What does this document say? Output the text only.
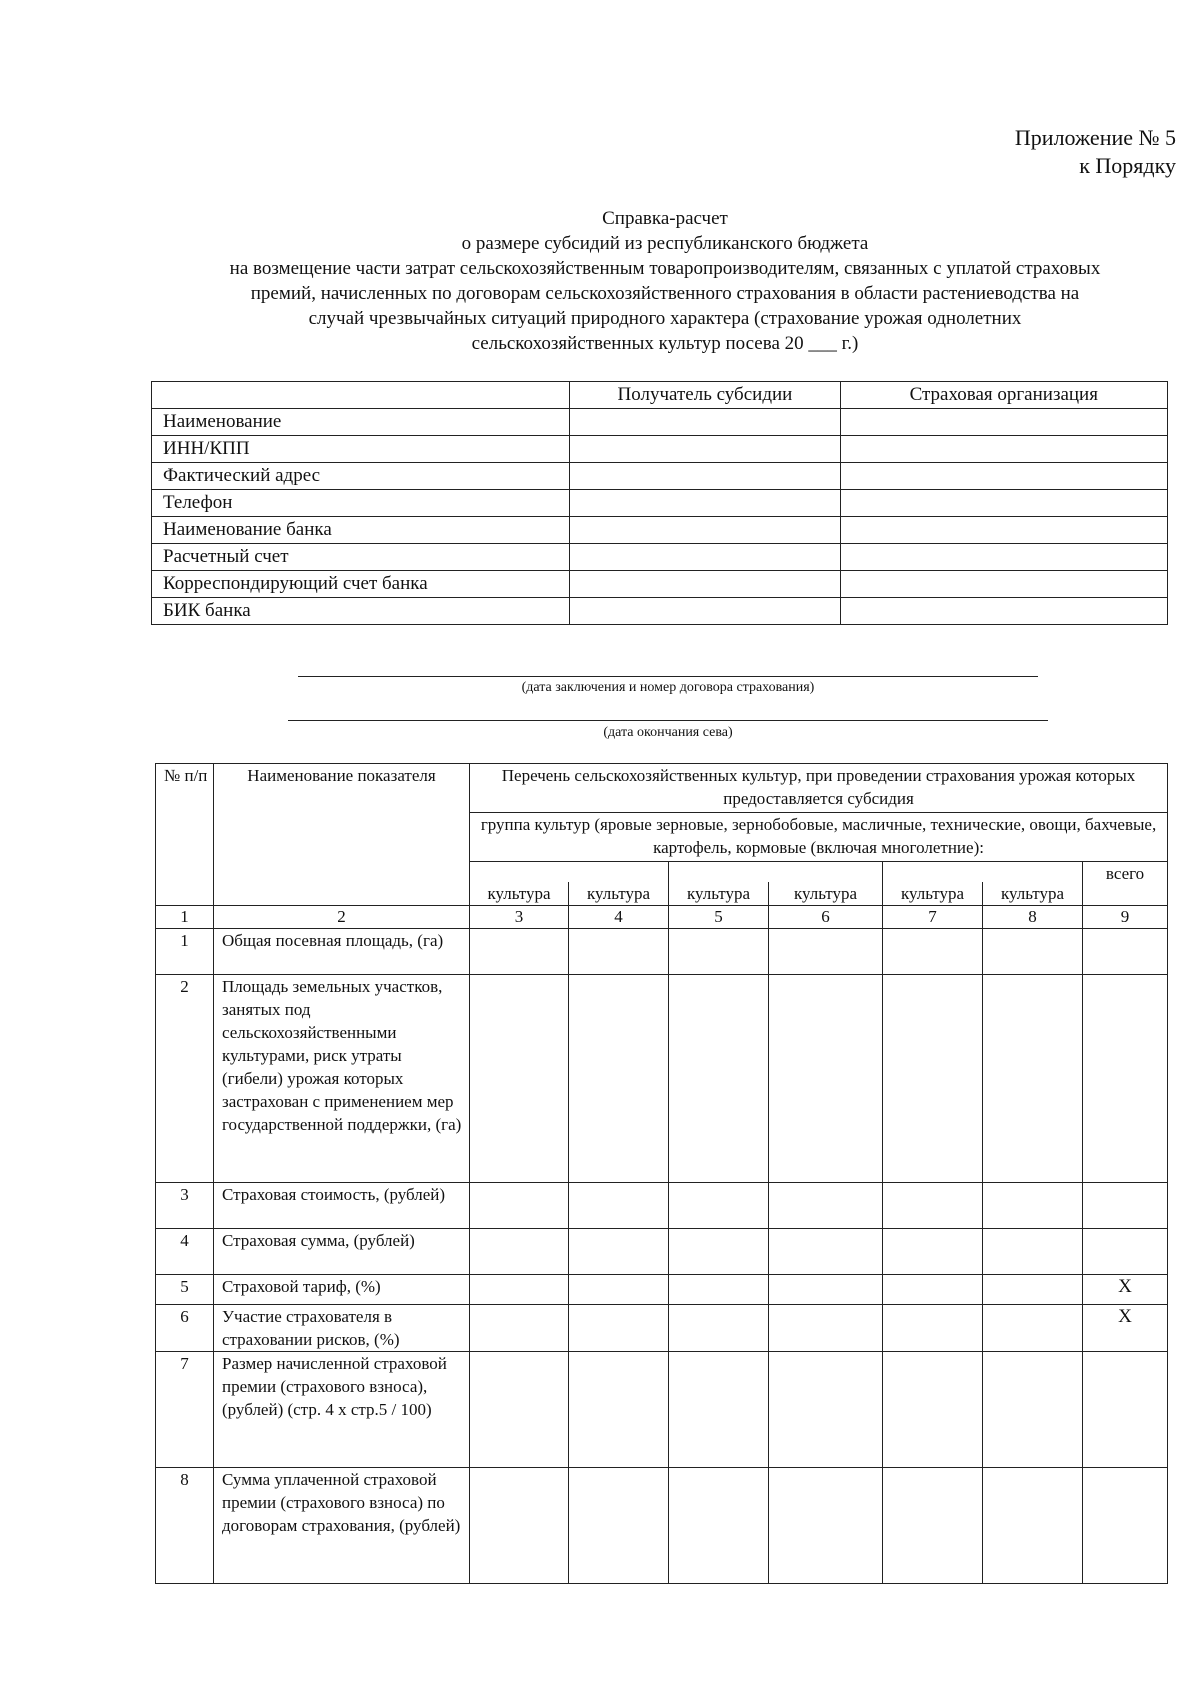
Приложение № 5
к Порядку
Справка-расчет
о размере субсидий из республиканского бюджета
на возмещение части затрат сельскохозяйственным товаропроизводителям, связанных с уплатой страховых
премий, начисленных по договорам сельскохозяйственного страхования в области растениеводства на
случай чрезвычайных ситуаций природного характера (страхование урожая однолетних
сельскохозяйственных культур посева 20 ___ г.)
	Получатель субсидии	Страховая организация
Наименование		
ИНН/КПП		
Фактический адрес		
Телефон		
Наименование банка		
Расчетный счет		
Корреспондирующий счет банка		
БИК банка		
(дата заключения и номер договора страхования)
(дата окончания сева)
№ п/п	Наименование показателя	Перечень сельскохозяйственных культур, при проведении страхования урожая которых предоставляется субсидия						
		группа культур (яровые зерновые, зернобобовые, масличные, технические, овощи, бахчевые, картофель, кормовые (включая многолетние):						
								всего
		культура	культура	культура	культура	культура	культура	
1	2	3	4	5	6	7	8	9
1	Общая посевная площадь, (га)							
2	Площадь земельных участков, занятых под сельскохозяйственными культурами, риск утраты (гибели) урожая которых застрахован с применением мер государственной поддержки, (га)							
3	Страховая стоимость, (рублей)							
4	Страховая сумма, (рублей)							
5	Страховой тариф, (%)							Х
6	Участие страхователя в страховании рисков, (%)							Х
7	Размер начисленной страховой премии (страхового взноса), (рублей) (стр. 4 х стр.5 / 100)							
8	Сумма уплаченной страховой премии (страхового взноса) по договорам страхования, (рублей)							
